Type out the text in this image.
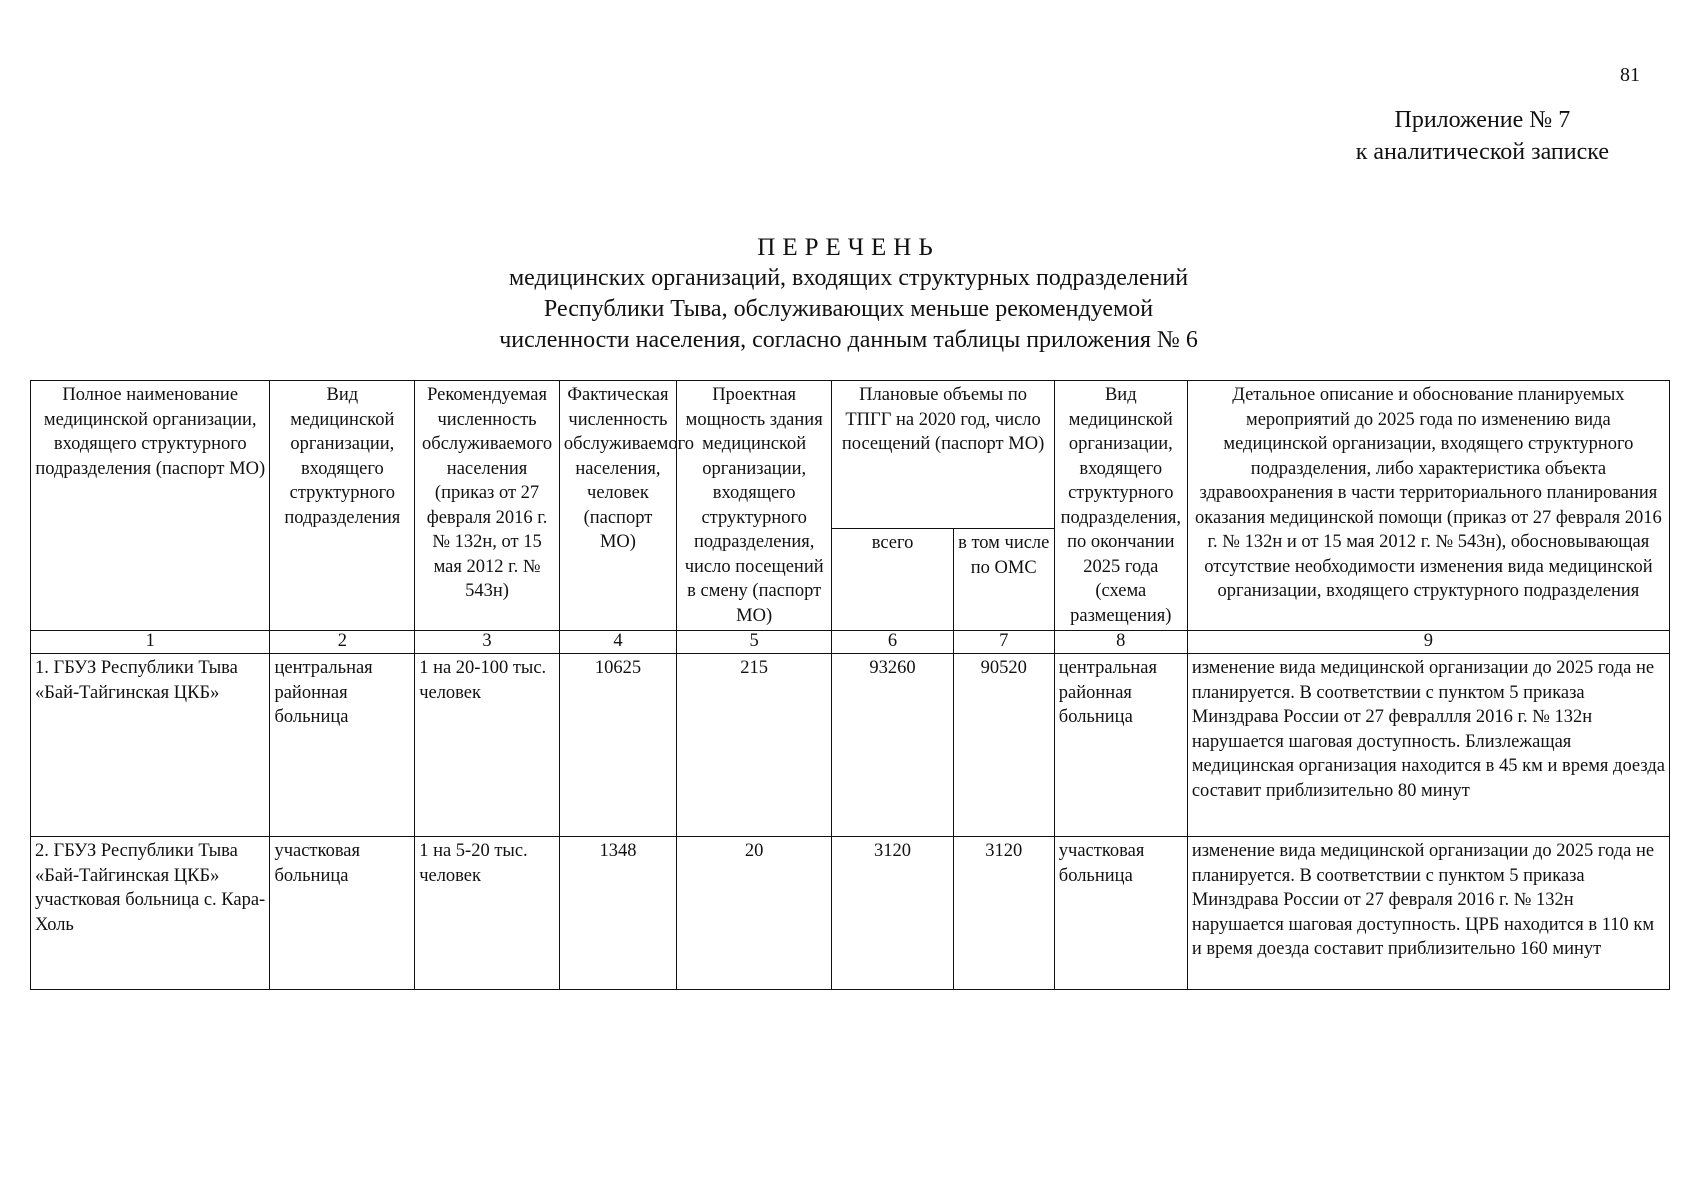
81
Приложение № 7
к аналитической записке
ПЕРЕЧЕНЬ
медицинских организаций, входящих структурных подразделений
Республики Тыва, обслуживающих меньше рекомендуемой
численности населения, согласно данным таблицы приложения № 6
Полное наименование медицинской организации, входящего структурного подразделения (паспорт МО)	Вид медицинской организации, входящего структурного подразделения	Рекомендуемая численность обслуживаемого населения (приказ от 27 февраля 2016 г. № 132н, от 15 мая 2012 г. № 543н)	Фактическая численность обслуживаемого населения, человек (паспорт МО)	Проектная мощность здания медицинской организации, входящего структурного подразделения, число посещений в смену (паспорт МО)	Плановые объемы по ТПГГ на 2020 год, число посещений (паспорт МО)		Вид медицинской организации, входящего структурного подразделения, по окончании 2025 года (схема размещения)	Детальное описание и обоснование планируемых мероприятий до 2025 года по изменению вида медицинской организации, входящего структурного подразделения, либо характеристика объекта здравоохранения в части территориального планирования оказания медицинской помощи (приказ от 27 февраля 2016 г. № 132н и от 15 мая 2012 г. № 543н), обосновывающая отсутствие необходимости изменения вида медицинской организации, входящего структурного подразделения
					всего	в том числе по ОМС		
1	2	3	4	5	6	7	8	9
1. ГБУЗ Республики Тыва «Бай-Тайгинская ЦКБ»	центральная районная больница	1 на 20-100 тыс. человек	10625	215	93260	90520	центральная районная больница	изменение вида медицинской организации до 2025 года не планируется. В соответствии с пунктом 5 приказа Минздрава России от 27 февраллля 2016 г. № 132н нарушается шаговая доступность. Близлежащая медицинская организация находится в 45 км и время доезда составит приблизительно 80 минут
2. ГБУЗ Республики Тыва «Бай-Тайгинская ЦКБ» участковая больница с. Кара-Холь	участковая больница	1 на 5-20 тыс. человек	1348	20	3120	3120	участковая больница	изменение вида медицинской организации до 2025 года не планируется. В соответствии с пунктом 5 приказа Минздрава России от 27 февраля 2016 г. № 132н нарушается шаговая доступность. ЦРБ находится в 110 км и время доезда составит приблизительно 160 минут
